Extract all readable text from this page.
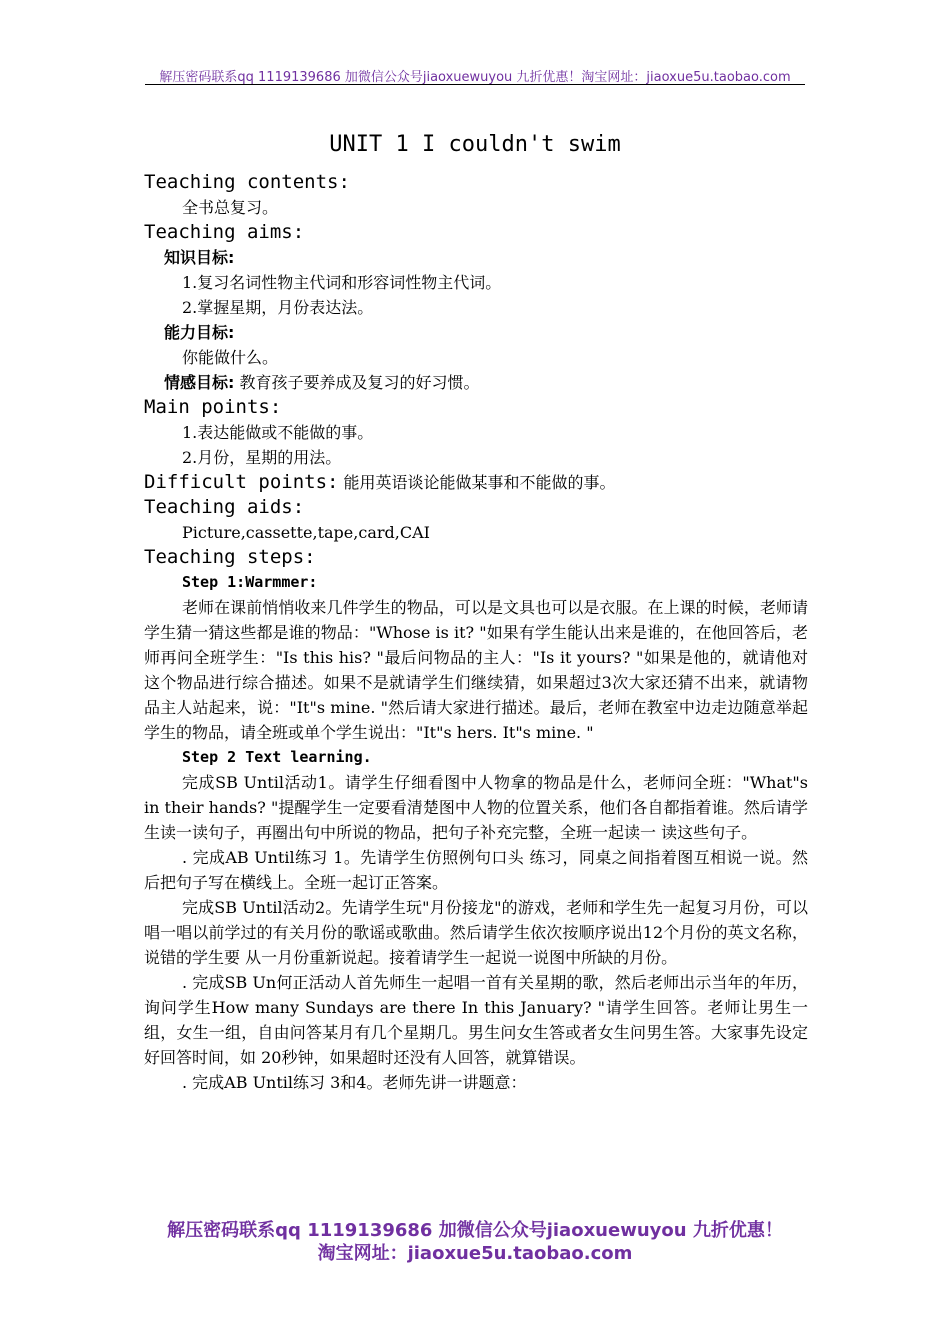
解压密码联系qq 1119139686 加微信公众号jiaoxuewuyou 九折优惠！淘宝网址：jiaoxue5u.taobao.com
UNIT 1 I couldn't swim
Teaching contents:
全书总复习。
Teaching aims:
知识目标:
1.复习名词性物主代词和形容词性物主代词。
2.掌握星期，月份表达法。
能力目标:
你能做什么。
情感目标: 教育孩子要养成及复习的好习惯。
Main points:
1.表达能做或不能做的事。
2.月份，星期的用法。
Difficult points: 能用英语谈论能做某事和不能做的事。
Teaching aids:
Picture,cassette,tape,card,CAI
Teaching steps:
Step 1:Warmmer:

老师在课前悄悄收来几件学生的物品，可以是文具也可以是衣服。在上课的时候，老师请学生猜一猜这些都是谁的物品："Whose is it? "如果有学生能认出来是谁的，在他回答后，老师再问全班学生："Is this his? "最后问物品的主人："Is it yours? "如果是他的，就请他对这个物品进行综合描述。如果不是就请学生们继续猜，如果超过3次大家还猜不出来，就请物品主人站起来，说："It"s mine. "然后请大家进行描述。最后，老师在教室中边走边随意举起学生的物品，请全班或单个学生说出："It"s hers. It"s mine. "

Step 2 Text learning.

完成SB Until活动1。请学生仔细看图中人物拿的物品是什么，老师问全班："What"s in their hands? "提醒学生一定要看清楚图中人物的位置关系，他们各自都指着谁。然后请学生读一读句子，再圈出句中所说的物品，把句子补充完整，全班一起读一 读这些句子。

. 完成AB Until练习 1。先请学生仿照例句口头 练习，同桌之间指着图互相说一说。然后把句子写在横线上。全班一起订正答案。

完成SB Until活动2。先请学生玩"月份接龙"的游戏，老师和学生先一起复习月份，可以唱一唱以前学过的有关月份的歌谣或歌曲。然后请学生依次按顺序说出12个月份的英文名称，说错的学生要 从一月份重新说起。接着请学生一起说一说图中所缺的月份。

. 完成SB Un何正活动人首先师生一起唱一首有关星期的歌，然后老师出示当年的年历，询问学生How many Sundays are there In this January? "请学生回答。老师让男生一组，女生一组，自由问答某月有几个星期几。男生问女生答或者女生问男生答。大家事先设定好回答时间，如 20秒钟，如果超时还没有人回答，就算错误。

. 完成AB Until练习 3和4。老师先讲一讲题意：

解压密码联系qq 1119139686 加微信公众号jiaoxuewuyou 九折优惠！
淘宝网址：jiaoxue5u.taobao.com
